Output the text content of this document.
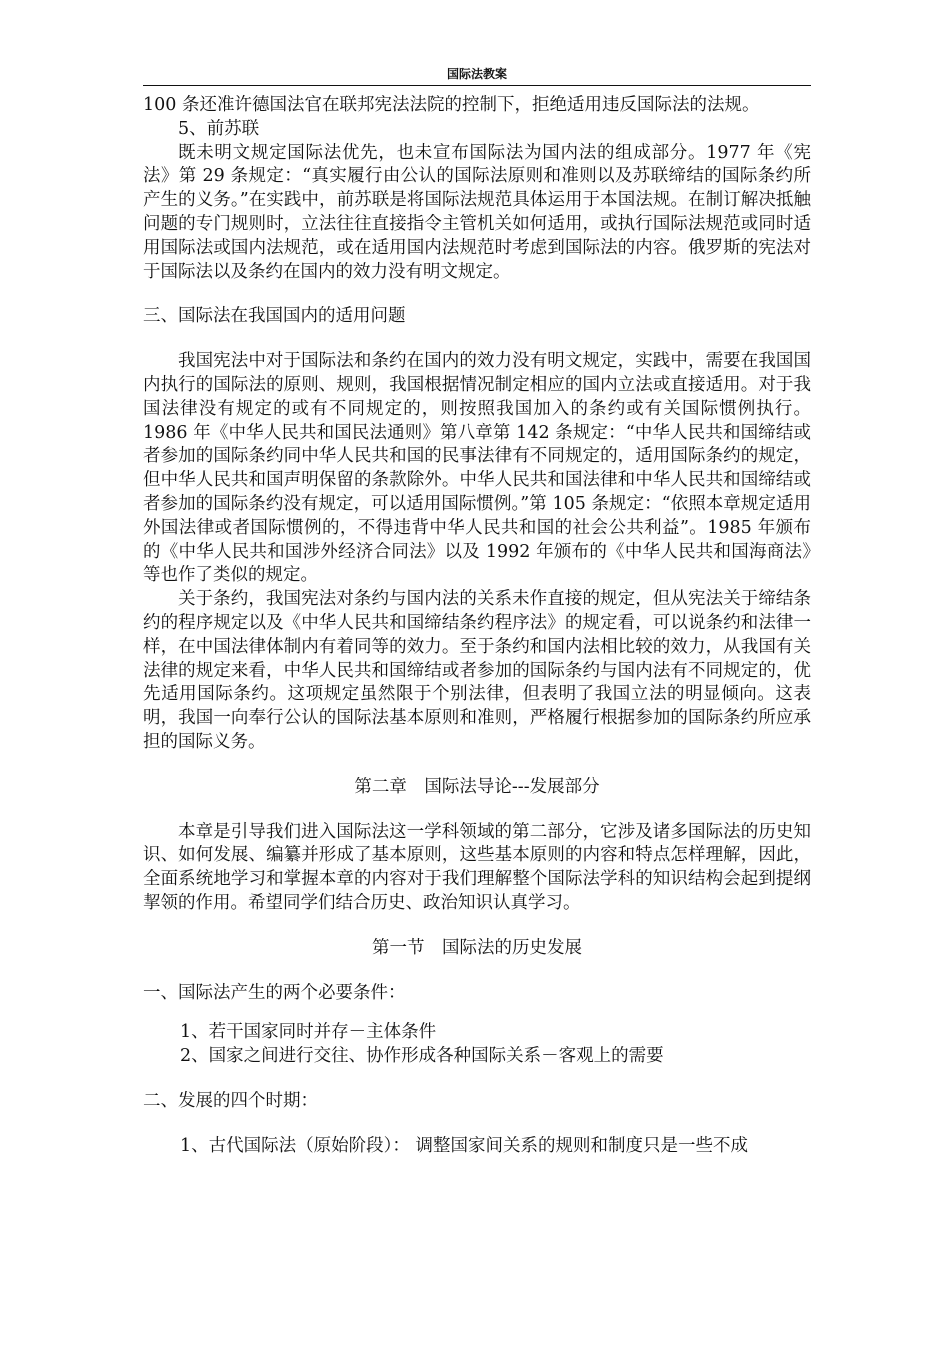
国际法教案

100 条还准许德国法官在联邦宪法法院的控制下，拒绝适用违反国际法的法规。

5、前苏联

既未明文规定国际法优先，也未宣布国际法为国内法的组成部分。1977 年《宪法》第 29 条规定：“真实履行由公认的国际法原则和准则以及苏联缔结的国际条约所产生的义务。”在实践中，前苏联是将国际法规范具体运用于本国法规。在制订解决抵触问题的专门规则时，立法往往直接指令主管机关如何适用，或执行国际法规范或同时适用国际法或国内法规范，或在适用国内法规范时考虑到国际法的内容。俄罗斯的宪法对于国际法以及条约在国内的效力没有明文规定。

三、国际法在我国国内的适用问题

我国宪法中对于国际法和条约在国内的效力没有明文规定，实践中，需要在我国国内执行的国际法的原则、规则，我国根据情况制定相应的国内立法或直接适用。对于我国法律没有规定的或有不同规定的，则按照我国加入的条约或有关国际惯例执行。1986 年《中华人民共和国民法通则》第八章第 142 条规定：“中华人民共和国缔结或者参加的国际条约同中华人民共和国的民事法律有不同规定的，适用国际条约的规定，但中华人民共和国声明保留的条款除外。中华人民共和国法律和中华人民共和国缔结或者参加的国际条约没有规定，可以适用国际惯例。”第 105 条规定：“依照本章规定适用外国法律或者国际惯例的，不得违背中华人民共和国的社会公共利益”。1985 年颁布的《中华人民共和国涉外经济合同法》以及 1992 年颁布的《中华人民共和国海商法》等也作了类似的规定。

关于条约，我国宪法对条约与国内法的关系未作直接的规定，但从宪法关于缔结条约的程序规定以及《中华人民共和国缔结条约程序法》的规定看，可以说条约和法律一样，在中国法律体制内有着同等的效力。至于条约和国内法相比较的效力，从我国有关法律的规定来看，中华人民共和国缔结或者参加的国际条约与国内法有不同规定的，优先适用国际条约。这项规定虽然限于个别法律，但表明了我国立法的明显倾向。这表明，我国一向奉行公认的国际法基本原则和准则，严格履行根据参加的国际条约所应承担的国际义务。

第二章　国际法导论---发展部分

本章是引导我们进入国际法这一学科领域的第二部分，它涉及诸多国际法的历史知识、如何发展、编纂并形成了基本原则，这些基本原则的内容和特点怎样理解，因此，全面系统地学习和掌握本章的内容对于我们理解整个国际法学科的知识结构会起到提纲挈领的作用。希望同学们结合历史、政治知识认真学习。

第一节　国际法的历史发展

一、国际法产生的两个必要条件：

1、若干国家同时并存－主体条件

2、国家之间进行交往、协作形成各种国际关系－客观上的需要

二、发展的四个时期：

1、古代国际法（原始阶段）： 调整国家间关系的规则和制度只是一些不成
